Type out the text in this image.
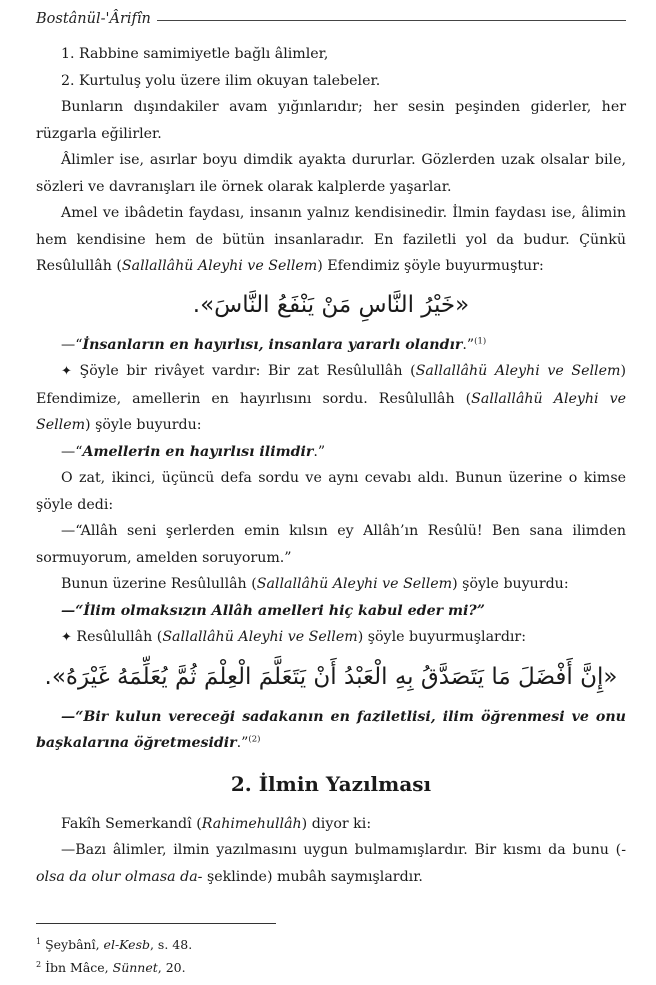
Bostânül-'Ârifîn

1. Rabbine samimiyetle bağlı âlimler,

2. Kurtuluş yolu üzere ilim okuyan talebeler.

Bunların dışındakiler avam yığınlarıdır; her sesin peşinden giderler, her rüzgarla eğilirler.

Âlimler ise, asırlar boyu dimdik ayakta dururlar. Gözlerden uzak olsalar bile, sözleri ve davranışları ile örnek olarak kalplerde yaşarlar.

Amel ve ibâdetin faydası, insanın yalnız kendisinedir. İlmin faydası ise, âlimin hem kendisine hem de bütün insanlaradır. En faziletli yol da budur. Çünkü Resûlullâh (Sallallâhü Aleyhi ve Sellem) Efendimiz şöyle buyurmuştur:

«خَيْرُ النَّاسِ مَنْ يَنْفَعُ النَّاسَ».

—“İnsanların en hayırlısı, insanlara yararlı olandır.”$^{(1)}$

✦ Şöyle bir rivâyet vardır: Bir zat Resûlullâh (Sallallâhü Aleyhi ve Sellem) Efendimize, amellerin en hayırlısını sordu. Resûlullâh (Sallallâhü Aleyhi ve Sellem) şöyle buyurdu:

—“Amellerin en hayırlısı ilimdir.”

O zat, ikinci, üçüncü defa sordu ve aynı cevabı aldı. Bunun üzerine o kimse şöyle dedi:

—“Allâh seni şerlerden emin kılsın ey Allâh’ın Resûlü! Ben sana ilimden sormuyorum, amelden soruyorum.”

Bunun üzerine Resûlullâh (Sallallâhü Aleyhi ve Sellem) şöyle buyurdu:

—“İlim olmaksızın Allâh amelleri hiç kabul eder mi?”

✦ Resûlullâh (Sallallâhü Aleyhi ve Sellem) şöyle buyurmuşlardır:

«إِنَّ أَفْضَلَ مَا يَتَصَدَّقُ بِهِ الْعَبْدُ أَنْ يَتَعَلَّمَ الْعِلْمَ ثُمَّ يُعَلِّمَهُ غَيْرَهُ».

—“Bir kulun vereceği sadakanın en faziletlisi, ilim öğrenmesi ve onu başkalarına öğretmesidir.”$^{(2)}$

2. İlmin Yazılması

Fakîh Semerkandî (Rahimehullâh) diyor ki:

—Bazı âlimler, ilmin yazılmasını uygun bulmamışlardır. Bir kısmı da bunu (-olsa da olur olmasa da- şeklinde) mubâh saymışlardır.

$^1$ Şeybânî, el-Kesb, s. 48.
$^2$ İbn Mâce, Sünnet, 20.
